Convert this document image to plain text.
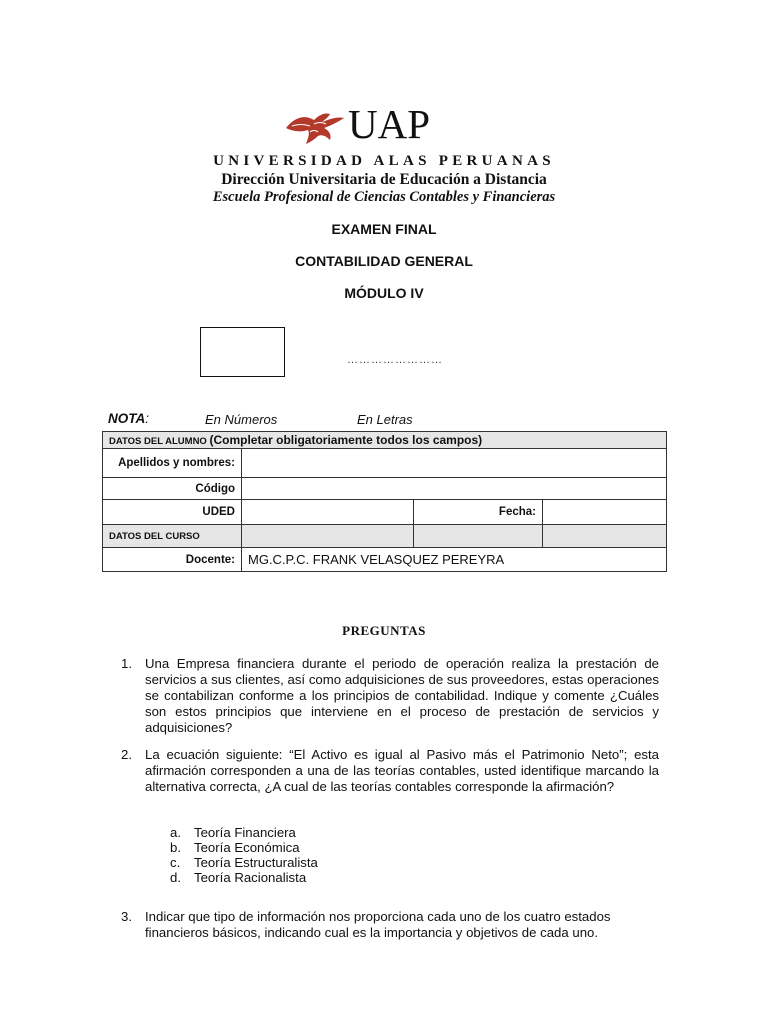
UAP
UNIVERSIDAD ALAS PERUANAS
Dirección Universitaria de Educación a Distancia
Escuela Profesional de Ciencias Contables y Financieras
EXAMEN FINAL
CONTABILIDAD GENERAL
MÓDULO IV
……………………
NOTA:	En Números	En Letras
DATOS DEL ALUMNO (Completar obligatoriamente todos los campos)			
Apellidos y nombres:			
Código			
UDED		Fecha:	
DATOS DEL CURSO			
Docente:	MG.C.P.C. FRANK VELASQUEZ PEREYRA		
PREGUNTAS
1. Una Empresa financiera durante el periodo de operación realiza la prestación de servicios a sus clientes, así como adquisiciones de sus proveedores, estas operaciones se contabilizan conforme a los principios de contabilidad. Indique y comente ¿Cuáles son estos principios que interviene en el proceso de prestación de servicios y adquisiciones?
2. La ecuación siguiente: “El Activo es igual al Pasivo más el Patrimonio Neto”; esta afirmación corresponden a una de las teorías contables, usted identifique marcando la alternativa correcta, ¿A cual de las teorías contables corresponde la afirmación?
a. Teoría Financiera
b. Teoría Económica
c. Teoría Estructuralista
d. Teoría Racionalista
3. Indicar que tipo de información nos proporciona cada uno de los cuatro estados financieros básicos, indicando cual es la importancia y objetivos de cada uno.
